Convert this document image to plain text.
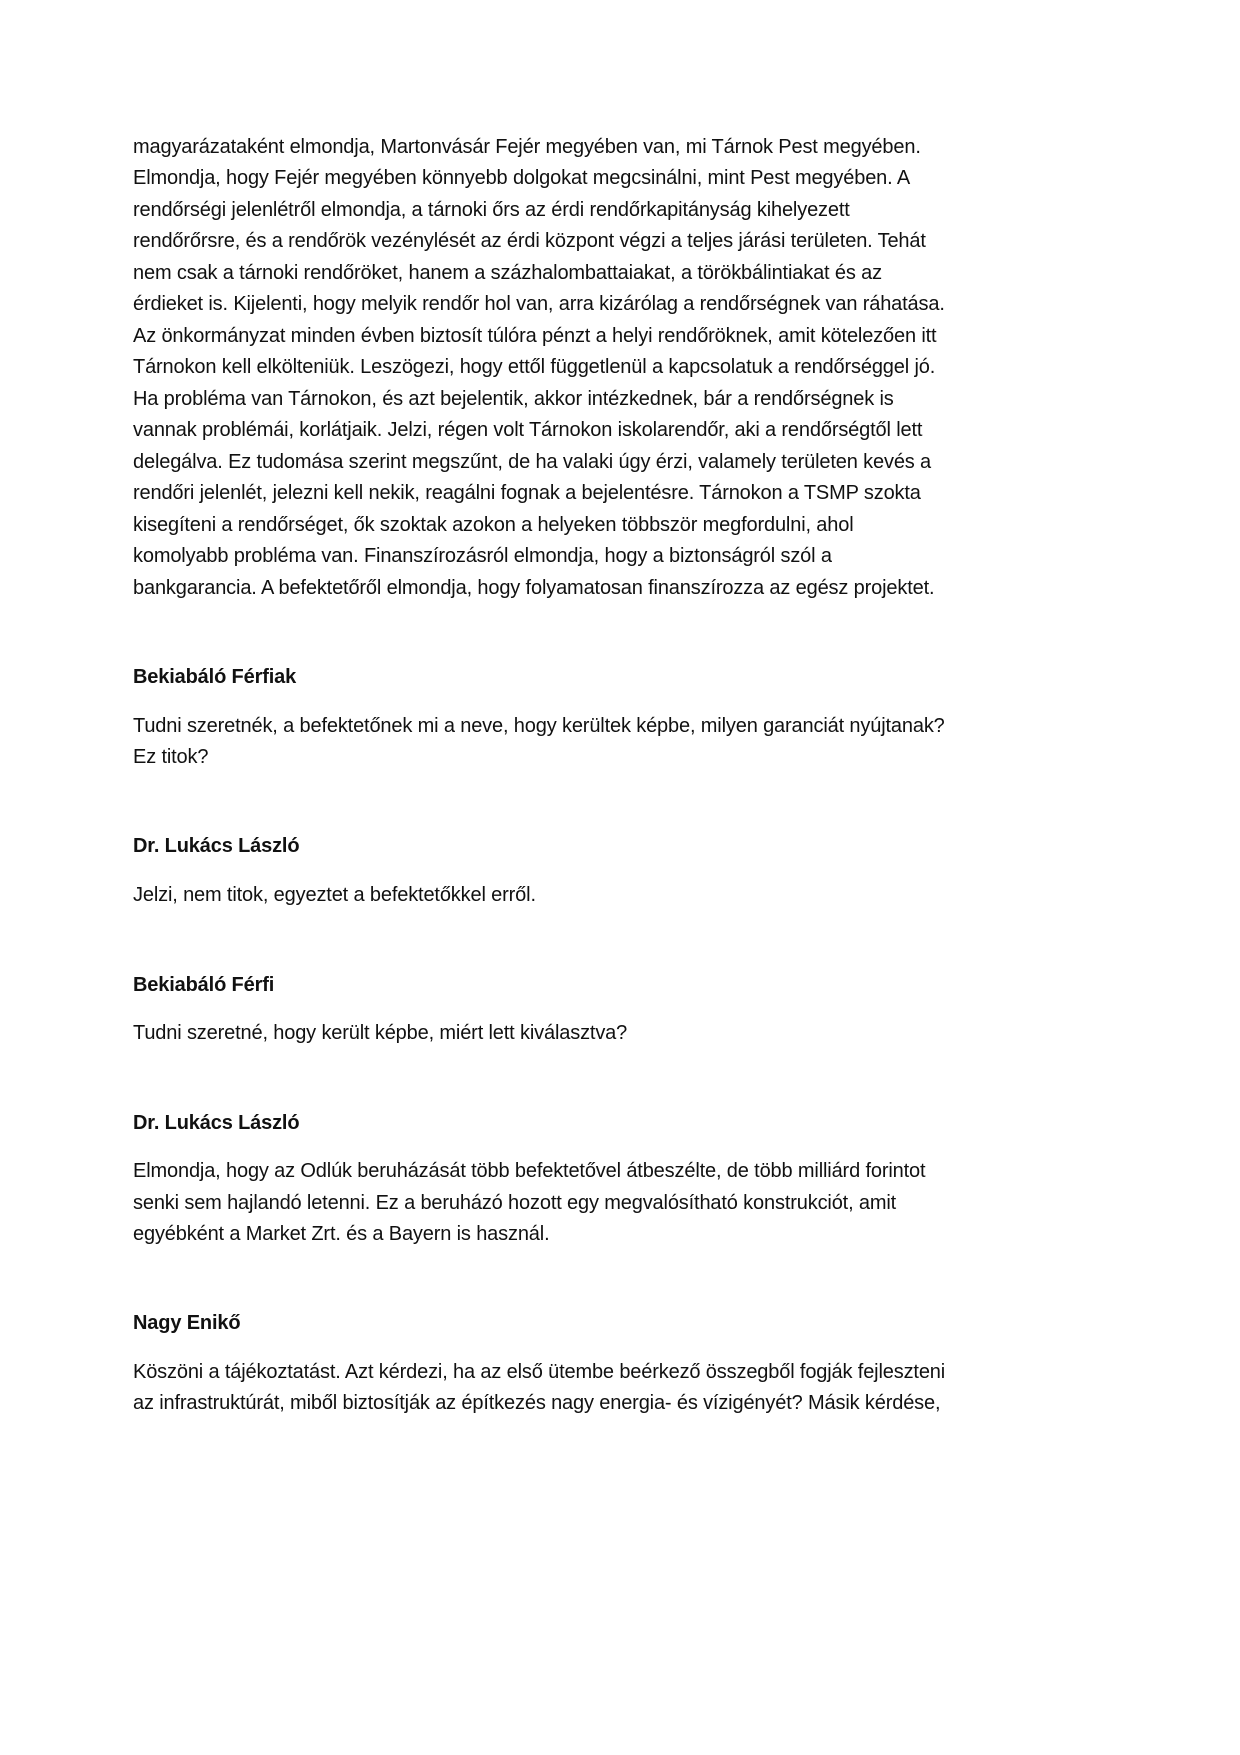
magyarázataként elmondja, Martonvásár Fejér megyében van, mi Tárnok Pest megyében.
Elmondja, hogy Fejér megyében könnyebb dolgokat megcsinálni, mint Pest megyében. A
rendőrségi jelenlétről elmondja, a tárnoki őrs az érdi rendőrkapitányság kihelyezett
rendőrőrsre, és a rendőrök vezénylését az érdi központ végzi a teljes járási területen. Tehát
nem csak a tárnoki rendőröket, hanem a százhalombattaiakat, a törökbálintiakat és az
érdieket is. Kijelenti, hogy melyik rendőr hol van, arra kizárólag a rendőrségnek van ráhatása.
Az önkormányzat minden évben biztosít túlóra pénzt a helyi rendőröknek, amit kötelezően itt
Tárnokon kell elkölteniük. Leszögezi, hogy ettől függetlenül a kapcsolatuk a rendőrséggel jó.
Ha probléma van Tárnokon, és azt bejelentik, akkor intézkednek, bár a rendőrségnek is
vannak problémái, korlátjaik. Jelzi, régen volt Tárnokon iskolarendőr, aki a rendőrségtől lett
delegálva. Ez tudomása szerint megszűnt, de ha valaki úgy érzi, valamely területen kevés a
rendőri jelenlét, jelezni kell nekik, reagálni fognak a bejelentésre. Tárnokon a TSMP szokta
kisegíteni a rendőrséget, ők szoktak azokon a helyeken többször megfordulni, ahol
komolyabb probléma van. Finanszírozásról elmondja, hogy a biztonságról szól a
bankgarancia. A befektetőről elmondja, hogy folyamatosan finanszírozza az egész projektet.
Bekiabáló Férfiak
Tudni szeretnék, a befektetőnek mi a neve, hogy kerültek képbe, milyen garanciát nyújtanak?
Ez titok?
Dr. Lukács László
Jelzi, nem titok, egyeztet a befektetőkkel erről.
Bekiabáló Férfi
Tudni szeretné, hogy került képbe, miért lett kiválasztva?
Dr. Lukács László
Elmondja, hogy az Odlúk beruházását több befektetővel átbeszélte, de több milliárd forintot
senki sem hajlandó letenni. Ez a beruházó hozott egy megvalósítható konstrukciót, amit
egyébként a Market Zrt. és a Bayern is használ.
Nagy Enikő
Köszöni a tájékoztatást. Azt kérdezi, ha az első ütembe beérkező összegből fogják fejleszteni
az infrastruktúrát, miből biztosítják az építkezés nagy energia- és vízigényét? Másik kérdése,
